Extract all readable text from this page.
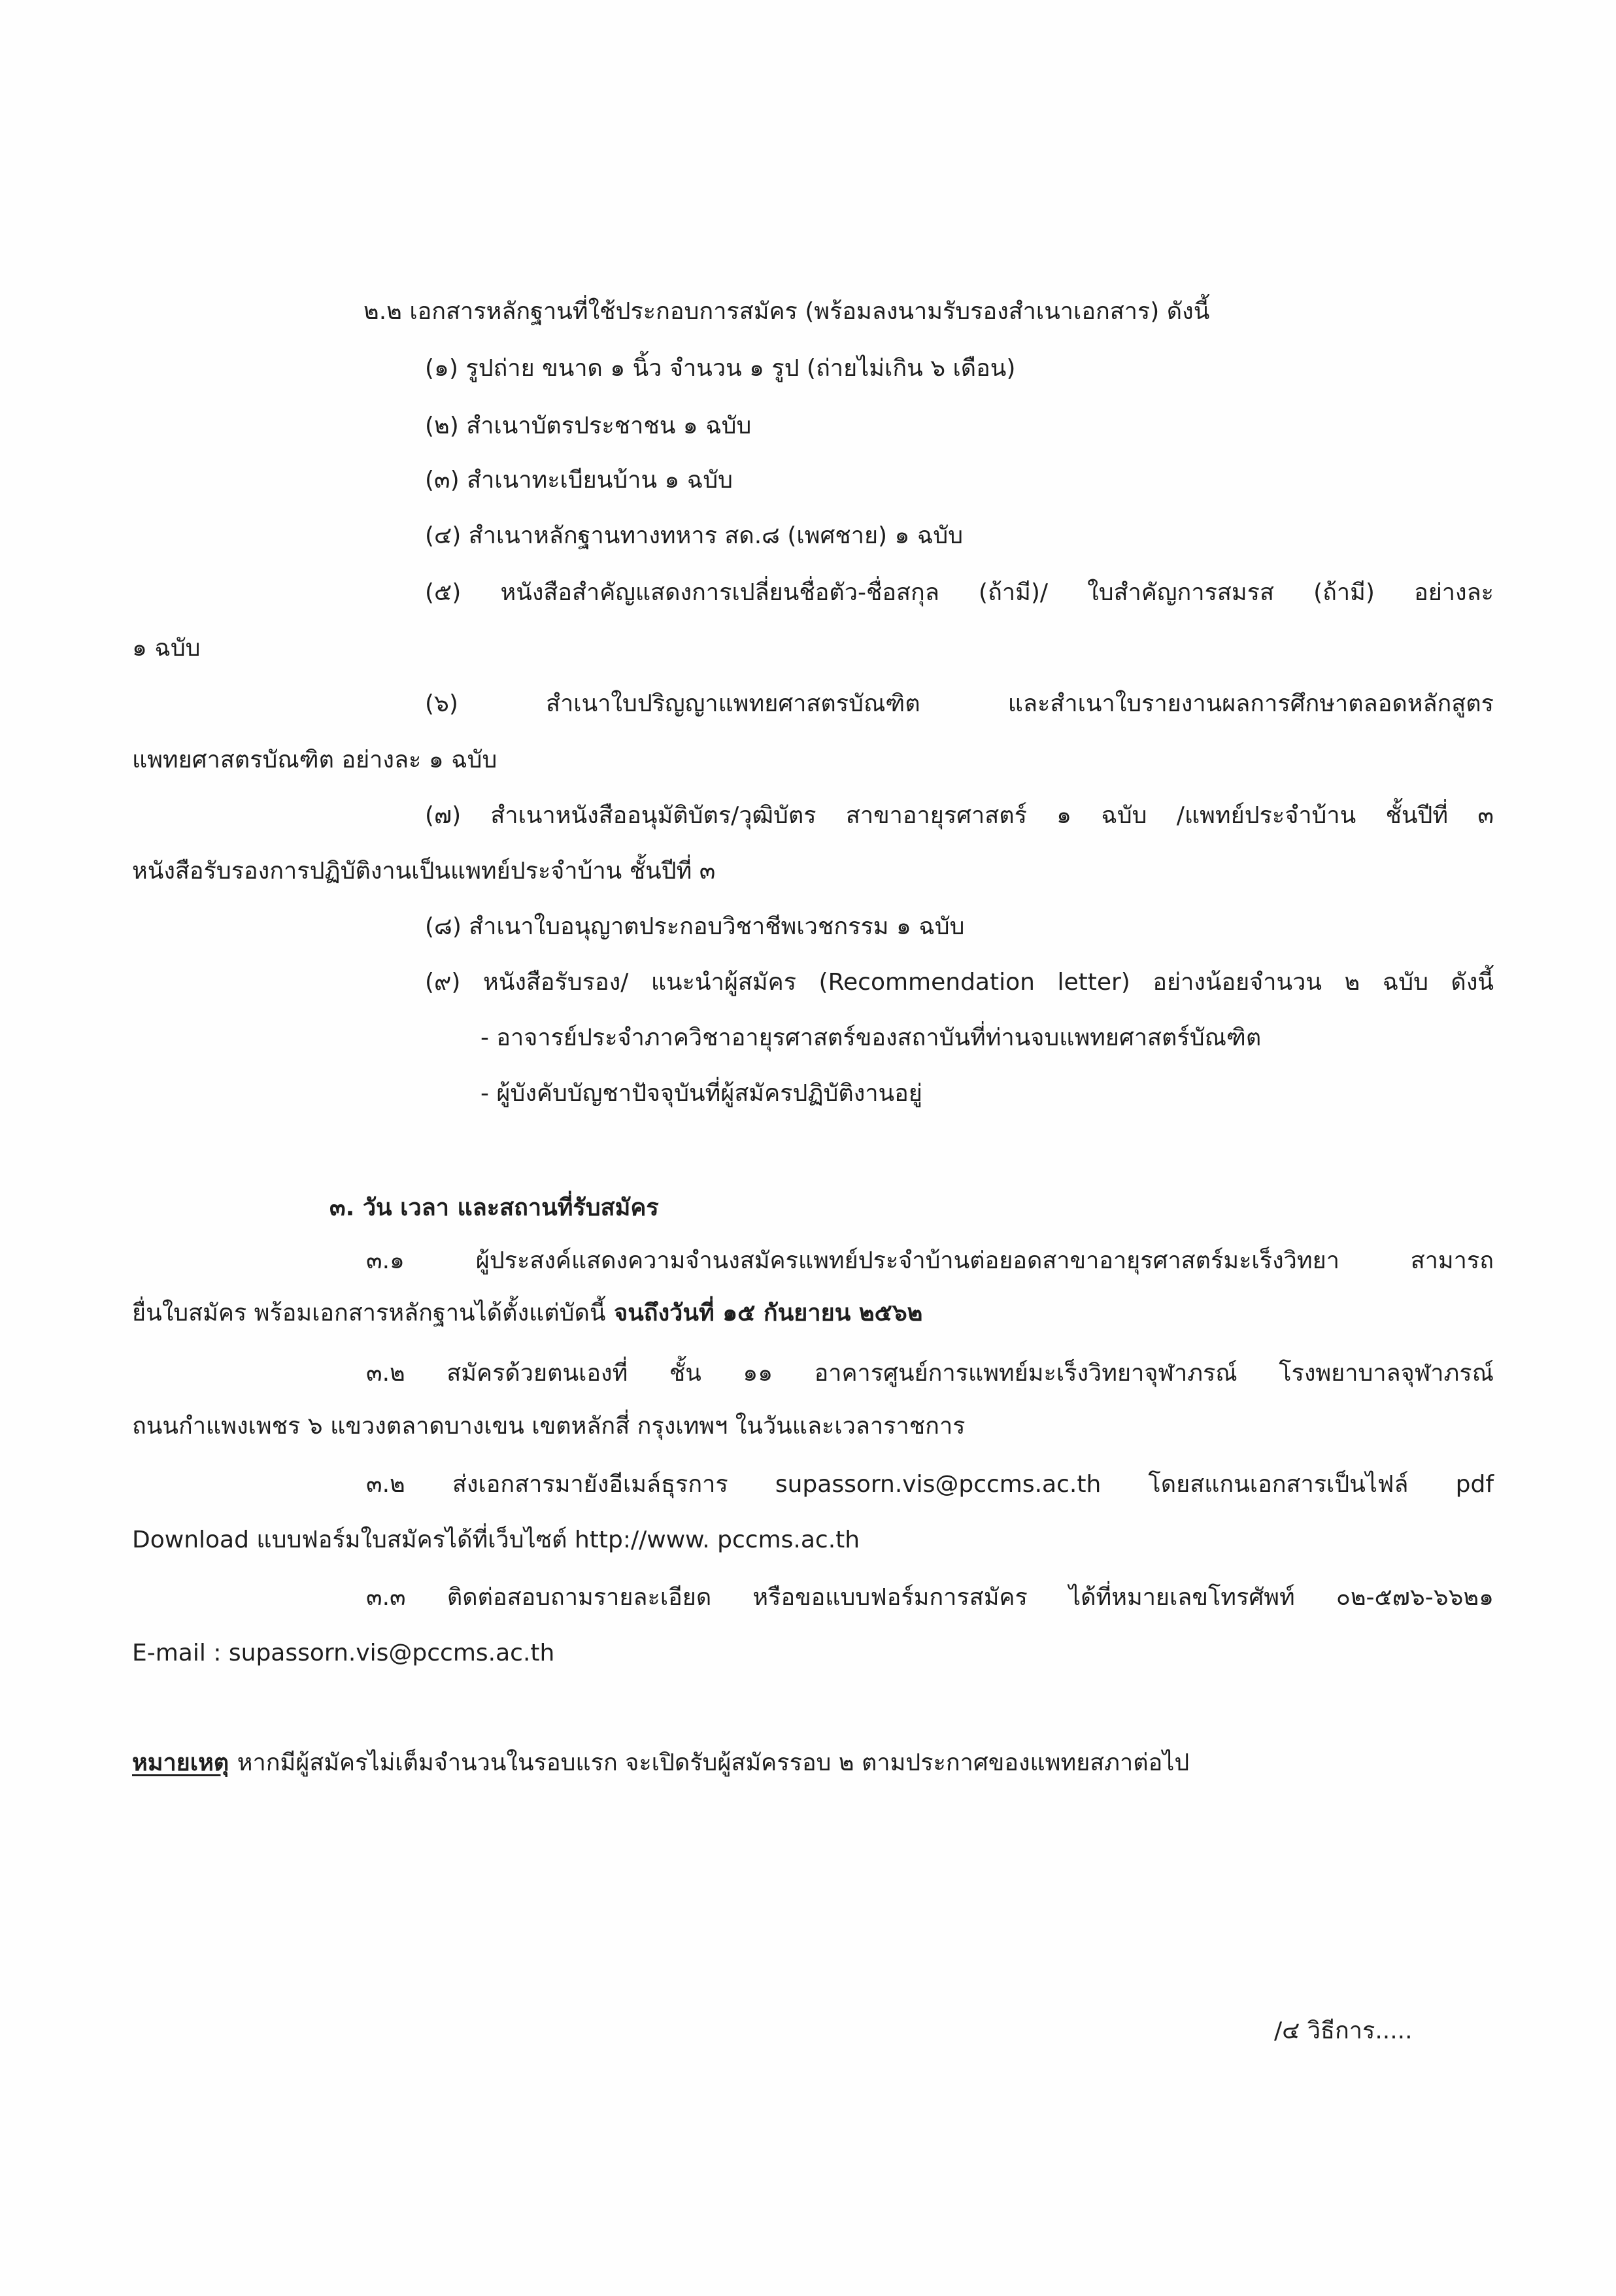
๒.๒ เอกสารหลักฐานที่ใช้ประกอบการสมัคร (พร้อมลงนามรับรองสำเนาเอกสาร) ดังนี้
(๑) รูปถ่าย ขนาด ๑ นิ้ว จำนวน ๑ รูป (ถ่ายไม่เกิน ๖ เดือน)
(๒) สำเนาบัตรประชาชน ๑ ฉบับ
(๓) สำเนาทะเบียนบ้าน ๑ ฉบับ
(๔) สำเนาหลักฐานทางทหาร สด.๘ (เพศชาย) ๑ ฉบับ
(๕) หนังสือสำคัญแสดงการเปลี่ยนชื่อตัว-ชื่อสกุล (ถ้ามี)/ ใบสำคัญการสมรส (ถ้ามี) อย่างละ
๑ ฉบับ
(๖) สำเนาใบปริญญาแพทยศาสตรบัณฑิต และสำเนาใบรายงานผลการศึกษาตลอดหลักสูตร
แพทยศาสตรบัณฑิต อย่างละ ๑ ฉบับ
(๗) สำเนาหนังสืออนุมัติบัตร/วุฒิบัตร สาขาอายุรศาสตร์ ๑ ฉบับ /แพทย์ประจำบ้าน ชั้นปีที่ ๓
หนังสือรับรองการปฏิบัติงานเป็นแพทย์ประจำบ้าน ชั้นปีที่ ๓
(๘) สำเนาใบอนุญาตประกอบวิชาชีพเวชกรรม ๑ ฉบับ
(๙) หนังสือรับรอง/ แนะนำผู้สมัคร (Recommendation letter) อย่างน้อยจำนวน ๒ ฉบับ ดังนี้
- อาจารย์ประจำภาควิชาอายุรศาสตร์ของสถาบันที่ท่านจบแพทยศาสตร์บัณฑิต
- ผู้บังคับบัญชาปัจจุบันที่ผู้สมัครปฏิบัติงานอยู่
๓. วัน เวลา และสถานที่รับสมัคร
๓.๑ ผู้ประสงค์แสดงความจำนงสมัครแพทย์ประจำบ้านต่อยอดสาขาอายุรศาสตร์มะเร็งวิทยา สามารถ
ยื่นใบสมัคร พร้อมเอกสารหลักฐานได้ตั้งแต่บัดนี้ จนถึงวันที่ ๑๕ กันยายน ๒๕๖๒
๓.๒ สมัครด้วยตนเองที่ ชั้น ๑๑ อาคารศูนย์การแพทย์มะเร็งวิทยาจุฬาภรณ์ โรงพยาบาลจุฬาภรณ์
ถนนกำแพงเพชร ๖ แขวงตลาดบางเขน เขตหลักสี่ กรุงเทพฯ ในวันและเวลาราชการ
๓.๒ ส่งเอกสารมายังอีเมล์ธุรการ supassorn.vis@pccms.ac.th โดยสแกนเอกสารเป็นไฟล์ pdf
Download แบบฟอร์มใบสมัครได้ที่เว็บไซต์ http://www. pccms.ac.th
๓.๓ ติดต่อสอบถามรายละเอียด หรือขอแบบฟอร์มการสมัคร ได้ที่หมายเลขโทรศัพท์ ๐๒-๕๗๖-๖๖๒๑
E-mail : supassorn.vis@pccms.ac.th
หมายเหตุ หากมีผู้สมัครไม่เต็มจำนวนในรอบแรก จะเปิดรับผู้สมัครรอบ ๒ ตามประกาศของแพทยสภาต่อไป
/๔ วิธีการ.....
